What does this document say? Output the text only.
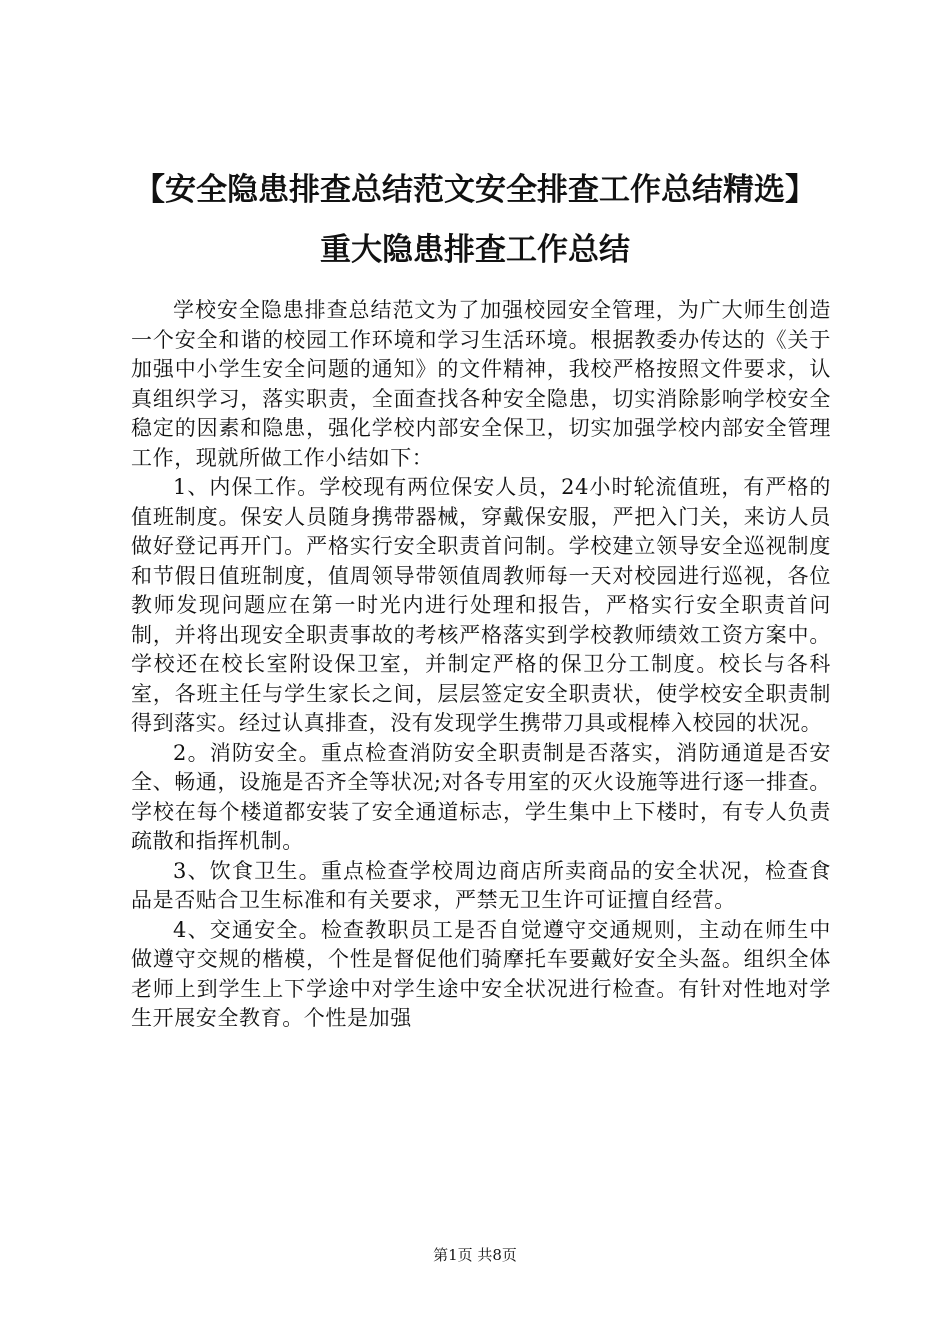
【安全隐患排查总结范文安全排查工作总结精选】重大隐患排查工作总结

学校安全隐患排查总结范文为了加强校园安全管理，为广大师生创造一个安全和谐的校园工作环境和学习生活环境。根据教委办传达的《关于加强中小学生安全问题的通知》的文件精神，我校严格按照文件要求，认真组织学习，落实职责，全面查找各种安全隐患，切实消除影响学校安全稳定的因素和隐患，强化学校内部安全保卫，切实加强学校内部安全管理工作，现就所做工作小结如下：

1、内保工作。学校现有两位保安人员，24小时轮流值班，有严格的值班制度。保安人员随身携带器械，穿戴保安服，严把入门关，来访人员做好登记再开门。严格实行安全职责首问制。学校建立领导安全巡视制度和节假日值班制度，值周领导带领值周教师每一天对校园进行巡视，各位教师发现问题应在第一时光内进行处理和报告，严格实行安全职责首问制，并将出现安全职责事故的考核严格落实到学校教师绩效工资方案中。学校还在校长室附设保卫室，并制定严格的保卫分工制度。校长与各科室，各班主任与学生家长之间，层层签定安全职责状，使学校安全职责制得到落实。经过认真排查，没有发现学生携带刀具或棍棒入校园的状况。

2。消防安全。重点检查消防安全职责制是否落实，消防通道是否安全、畅通，设施是否齐全等状况;对各专用室的灭火设施等进行逐一排查。学校在每个楼道都安装了安全通道标志，学生集中上下楼时，有专人负责疏散和指挥机制。

3、饮食卫生。重点检查学校周边商店所卖商品的安全状况，检查食品是否贴合卫生标准和有关要求，严禁无卫生许可证擅自经营。

4、交通安全。检查教职员工是否自觉遵守交通规则，主动在师生中做遵守交规的楷模，个性是督促他们骑摩托车要戴好安全头盔。组织全体老师上到学生上下学途中对学生途中安全状况进行检查。有针对性地对学生开展安全教育。个性是加强

第1页 共8页
